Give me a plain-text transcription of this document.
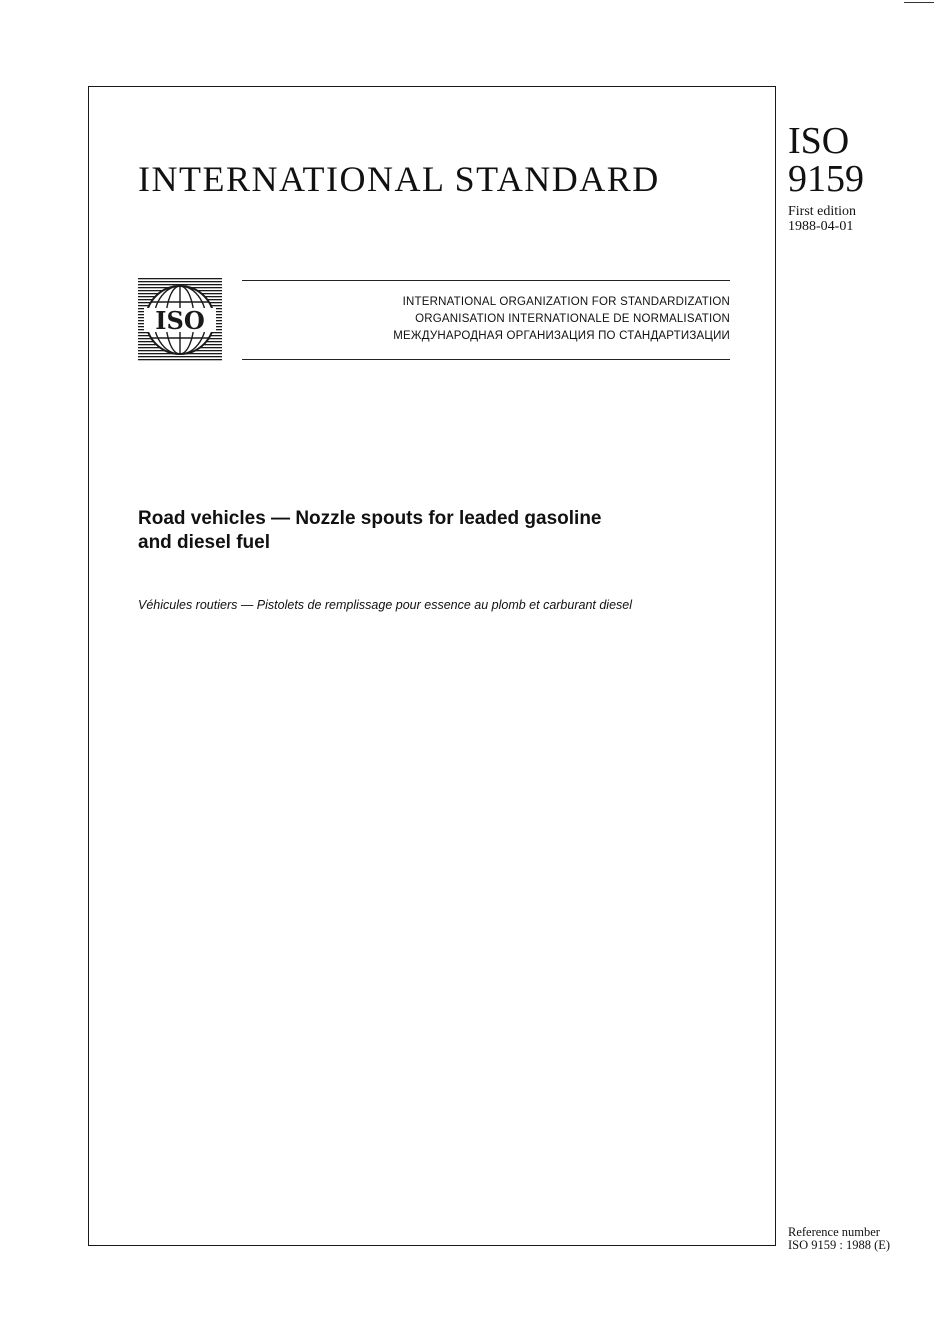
INTERNATIONAL STANDARD
ISO
9159
First edition
1988-04-01
ISO
INTERNATIONAL ORGANIZATION FOR STANDARDIZATION
ORGANISATION INTERNATIONALE DE NORMALISATION
МЕЖДУНАРОДНАЯ ОРГАНИЗАЦИЯ ПО СТАНДАРТИЗАЦИИ
Road vehicles — Nozzle spouts for leaded gasoline
and diesel fuel

Véhicules routiers — Pistolets de remplissage pour essence au plomb et carburant diesel

Reference number
ISO 9159 : 1988 (E)
